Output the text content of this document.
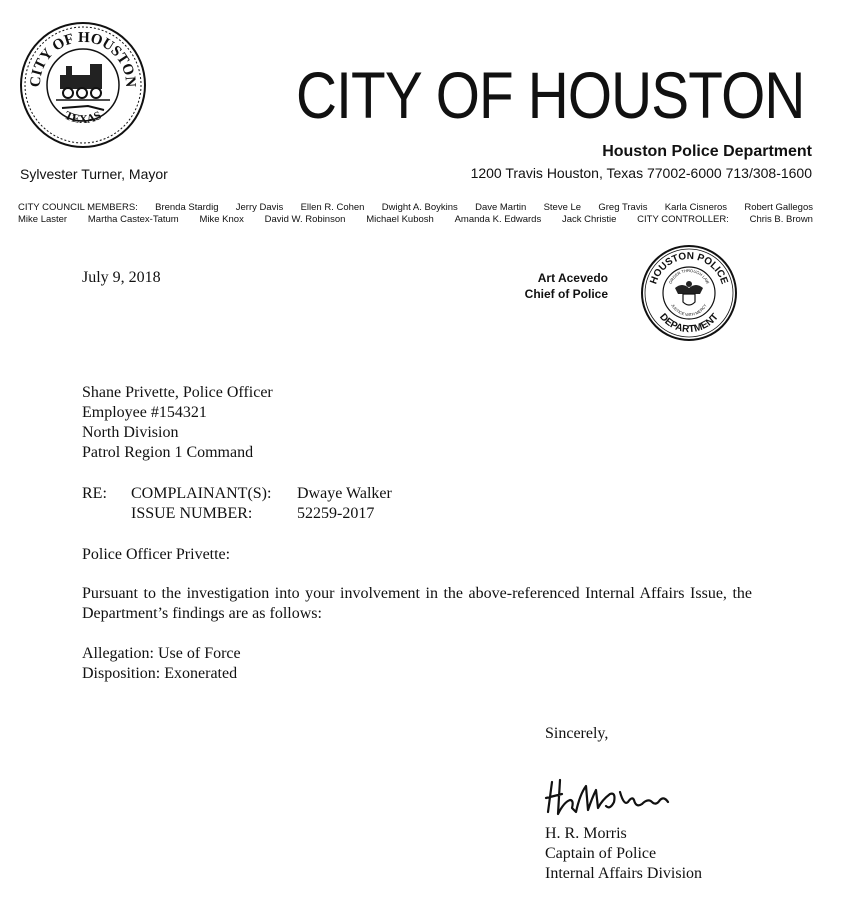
CITY OF HOUSTON
TEXAS	CITY OF HOUSTON
Houston Police Department
Sylvester Turner, Mayor	1200 Travis Houston, Texas 77002-6000 713/308-1600
CITY COUNCIL MEMBERS: Brenda Stardig Jerry Davis Ellen R. Cohen Dwight A. Boykins Dave Martin Steve Le Greg Travis Karla Cisneros Robert Gallegos
Mike Laster Martha Castex-Tatum Mike Knox David W. Robinson Michael Kubosh Amanda K. Edwards Jack Christie CITY CONTROLLER: Chris B. Brown
July 9, 2018	Art Acevedo
Chief of Police
HOUSTON POLICE
DEPARTMENT
ORDER THROUGH LAW
JUSTICE WITH MERCY
Shane Privette, Police Officer
Employee #154321
North Division
Patrol Region 1 Command
RE:	COMPLAINANT(S):	Dwaye Walker
ISSUE NUMBER:	52259-2017
Police Officer Privette:
Pursuant to the investigation into your involvement in the above-referenced Internal Affairs Issue, the Department’s findings are as follows:
Allegation: Use of Force
Disposition: Exonerated
Sincerely,
H. R. Morris
Captain of Police
Internal Affairs Division
